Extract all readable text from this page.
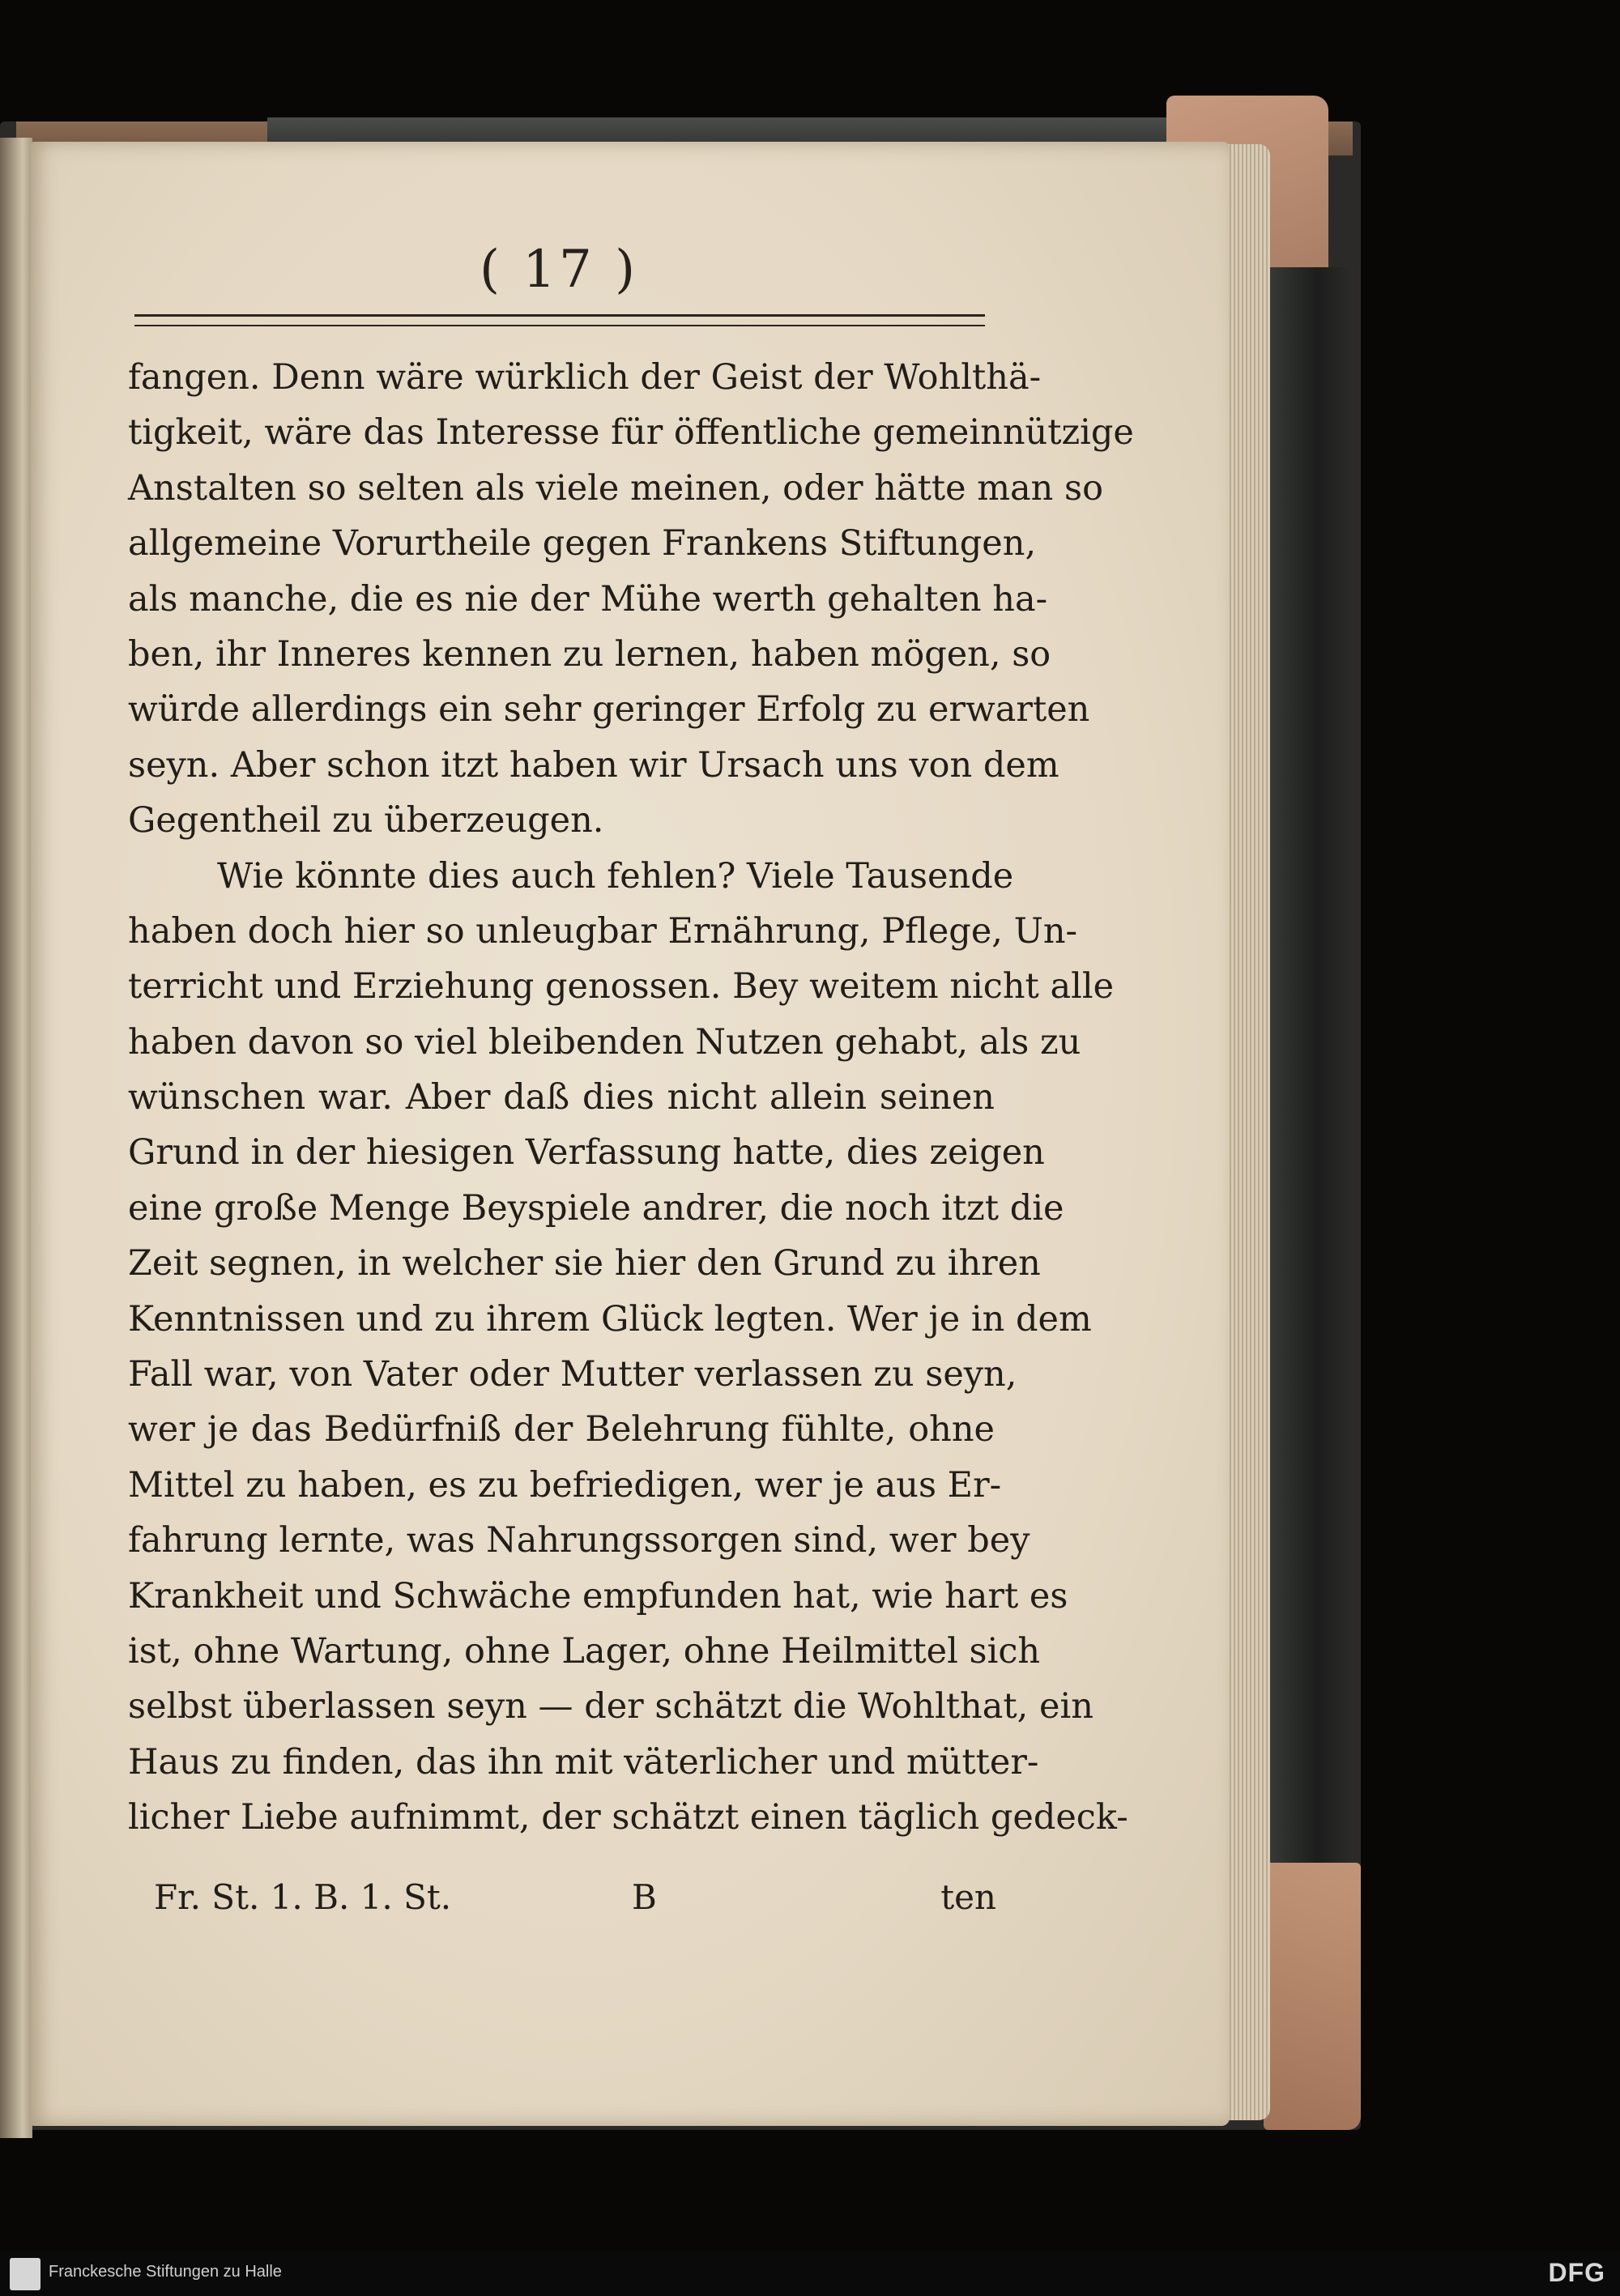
( 17 )
fangen. Denn wäre würklich der Geist der Wohlthä-
tigkeit, wäre das Interesse für öffentliche gemeinnützige
Anstalten so selten als viele meinen, oder hätte man so
allgemeine Vorurtheile gegen Frankens Stiftungen,
als manche, die es nie der Mühe werth gehalten ha-
ben, ihr Inneres kennen zu lernen, haben mögen, so
würde allerdings ein sehr geringer Erfolg zu erwarten
seyn. Aber schon itzt haben wir Ursach uns von dem
Gegentheil zu überzeugen.
Wie könnte dies auch fehlen? Viele Tausende
haben doch hier so unleugbar Ernährung, Pflege, Un-
terricht und Erziehung genossen. Bey weitem nicht alle
haben davon so viel bleibenden Nutzen gehabt, als zu
wünschen war. Aber daß dies nicht allein seinen
Grund in der hiesigen Verfassung hatte, dies zeigen
eine große Menge Beyspiele andrer, die noch itzt die
Zeit segnen, in welcher sie hier den Grund zu ihren
Kenntnissen und zu ihrem Glück legten. Wer je in dem
Fall war, von Vater oder Mutter verlassen zu seyn,
wer je das Bedürfniß der Belehrung fühlte, ohne
Mittel zu haben, es zu befriedigen, wer je aus Er-
fahrung lernte, was Nahrungssorgen sind, wer bey
Krankheit und Schwäche empfunden hat, wie hart es
ist, ohne Wartung, ohne Lager, ohne Heilmittel sich
selbst überlassen seyn — der schätzt die Wohlthat, ein
Haus zu finden, das ihn mit väterlicher und mütter-
licher Liebe aufnimmt, der schätzt einen täglich gedeck-
Fr. St. 1. B. 1. St.	B	ten
Franckesche Stiftungen zu Halle	DFG
